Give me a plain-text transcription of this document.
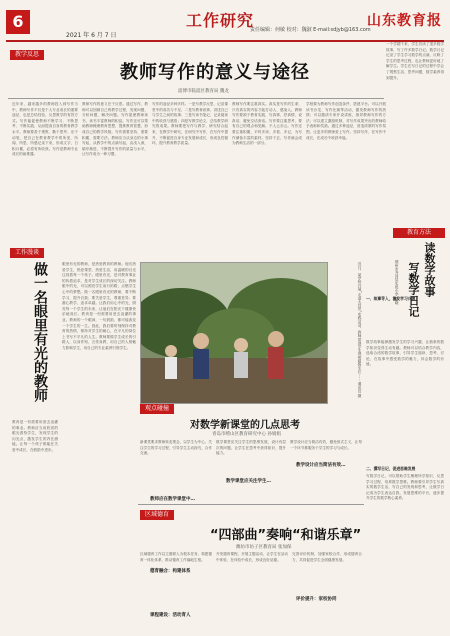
6
2021 年 6 月 7 日
工作研究
责任编辑：何敏 校对：魏淑 E-mail:sdjyb@163.com
山东教育报
教学反思
教师写作的意义与途径
淄博市临淄区教育局 魏龙
近年来，越来越多的教师投入到写作当中，教师写作不仅是个人专业成长的重要途径，也是总结经验、反思教学的有效方式。写作能促使教师不断学习、不断思考、不断实践，从而提高自身的教育教学水平。教师要善于观察、勤于思考、乐于动笔，把自己在教育教学中的所见、所闻、所思、所感记录下来，形成文字，日积月累，必将有所收获。写作是教师专业成长的助推器。
教师写作的意义在于反思。通过写作，教师可以回顾自己的教学过程，发现问题、分析问题、解决问题。写作促使教师读书，读书丰富教师的积淀。写作还可以帮助教师梳理教育思想，提炼教育智慧，形成自己的教学风格。写作需要坚持，需要积累，需要方法。教师应当从身边的小事写起，从教学中的点滴写起，由浅入深，循序渐进，不断提升写作的质量与水平，让写作成为一种习惯。
写作的途径多种多样。一是写教学反思，记录课堂中的成功与不足；二是写教育叙事，讲述自己与学生之间的故事；三是写读书笔记，记录阅读中的收获与感悟；四是写教学论文，总结教学研究的成果。教师要把写作与教学、研究结合起来，在教学中研究，在研究中写作，在写作中提升，不断促进自身专业发展和成长，形成良性循环，提升教育教学质量。
教师写作要注重真实。真实是写作的生命，只有真实的内容才能打动人、感染人。教师写作要源于教育实践，写真事、抒真情、说真话，避免空话套话。写作要注重思考，要有自己的观点和见解，不人云亦云。写作还要注重积累，平时多读、多看、多记，为写作储备丰富的素材。坚持下去，写作就会成为教师生活的一部分。
学校要为教师写作创造条件，搭建平台。可以开展读书沙龙、写作比赛等活动，激发教师写作的热情；可以邀请专家开设讲座，指导教师写作的方法；可以建立激励机制，对写作成果突出的教师给予表彰和奖励。通过多种途径，营造浓厚的写作氛围，让更多的教师爱上写作、坚持写作、在写作中成长，在成长中收获幸福。
一个学期下来，学生们读了很多数学故事，写了许多数学日记。数学日记记录了学生学习数学的点滴，反映了学生的思考过程，也让教师更好地了解学生。学生在写日记的过程中学会了观察生活、思考问题，数学素养得到提升。
工作漫谈
做一名眼里有光的教师	眼里有光的教师，是热爱教育的教师。他们热爱学生，热爱课堂，热爱生活，用温暖的目光注视着每一个孩子。眼里有光，是对教育事业的执着追求，是对学生成长的深切关注。教师眼中的光，可以照亮学生前行的路，点燃学生心中的梦想。做一名眼里有光的教师，要不断学习，提升自我；要关爱学生，尊重差异；要潜心教学，追求卓越。让我们用心中的光，照亮每一个学生的未来，让他们在阳光下健康快乐地成长。教育是一份需要用爱去浇灌的事业。教师的一个眼神，一句鼓励，都可能改变一个学生的一生。因此，我们要时刻保持对教育的热情，保持对学生的耐心，在平凡的岗位上书写不平凡的人生。教师要做学生成长的引路人，以身作则，言传身教，用自己的人格魅力影响学生，用自己的专业素养引领学生。
教育是一份需要用爱去浇灌的事业。教师应当用欣赏的眼光看待学生，发现学生的闪光点，激发学生的内在潜能。让每一个孩子都能在关爱中成长，在鼓励中进步。
近日，某学校开展“走进大自然”实践活动，教师带领学生观察植物生长…… 通讯员 摄
教育方法
读数学故事
写数学日记
德州市齐河县实验小学 张晓
一、故事导入，激发学习兴趣
数学故事能够激发学生的学习兴趣，让抽象的数学知识变得生动有趣。教师可以结合教学内容，选取合适的数学故事，引导学生阅读、思考、讨论，在故事中感受数学的魅力，体会数学的价值。
二、撰写日记，促进思维发展
写数学日记，可以帮助学生梳理所学知识，反思学习过程，培养数学思维。教师要引导学生写真实的数学生活，写自己的发现和思考，让数学日记成为学生表达自我、发展思维的平台，逐步提升学生的数学核心素养。
观点碰撞
对数学新课堂的几点思考
青岛市崂山区教育研究中心 孙娟娟
新课堂要求教师转变观念，以学生为中心，关注学生的学习过程，引导学生主动探究、合作交流。
教师应在数学课堂中…
数学课堂应关注学生的思维发展，设计有层次的问题，让学生在思考中获得知识，提升能力。
数学课堂应关注学生…
教学设计应当简洁有效，避免形式主义，让每一个环节都服务于学生的学习与成长。
教学设计应当简洁有效…
区域德育
“四部曲”奏响“和谐乐章”
潍坊市坊子区教育局 张加保
区域德育工作以立德树人为根本任务，构建德育一体化体系，推动德育工作落地生根。
德育融合：构建体系
开发德育课程，开展主题活动，让学生在活动中体验、在体验中成长，形成良好品德。
课程建设：活动育人
完善评价机制，加强家校合作，形成德育合力，共同促进学生全面健康发展。
评价提升：家校协同
